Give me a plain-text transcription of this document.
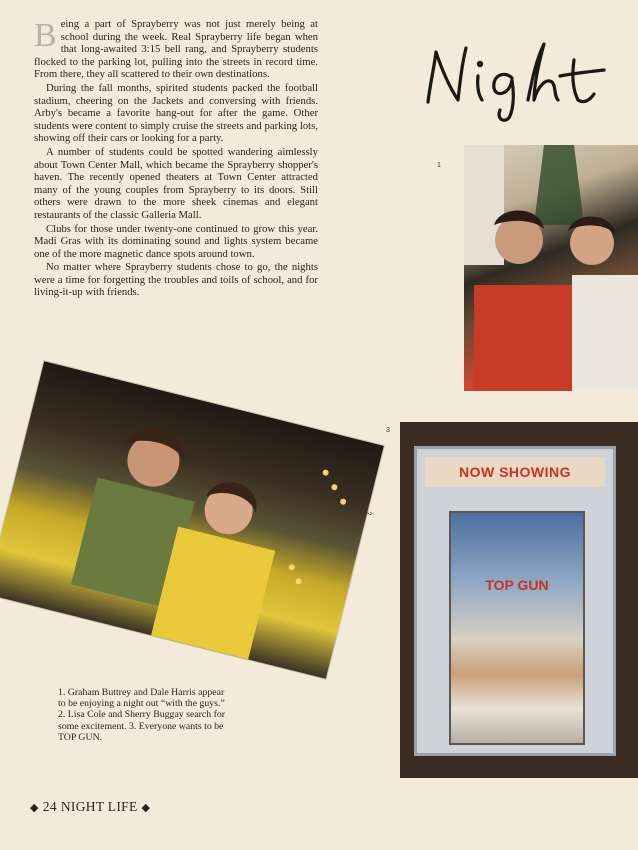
Being a part of Sprayberry was not just merely being at school during the week. Real Sprayberry life began when that long-awaited 3:15 bell rang, and Sprayberry students flocked to the parking lot, pulling into the streets in record time. From there, they all scattered to their own destinations.

During the fall months, spirited students packed the football stadium, cheering on the Jackets and conversing with friends. Arby's became a favorite hang-out for after the game. Other students were content to simply cruise the streets and parking lots, showing off their cars or looking for a party.

A number of students could be spotted wandering aimlessly about Town Center Mall, which became the Sprayberry shopper's haven. The recently opened theaters at Town Center attracted many of the young couples from Sprayberry to its doors. Still others were drawn to the more sheek cinemas and elegant restaurants of the classic Galleria Mall.

Clubs for those under twenty-one continued to grow this year. Madi Gras with its dominating sound and lights system became one of the more magnetic dance spots around town.

No matter where Sprayberry students chose to go, the nights were a time for forgetting the troubles and toils of school, and for living-it-up with friends.

1
2
3
NOW SHOWING
TOP GUN
1. Graham Buttrey and Dale Harris appear
to be enjoying a night out “with the guys.”
2. Lisa Cole and Sherry Buggay search for
some excitement. 3. Everyone wants to be
TOP GUN.
◆ 24 NIGHT LIFE ◆
